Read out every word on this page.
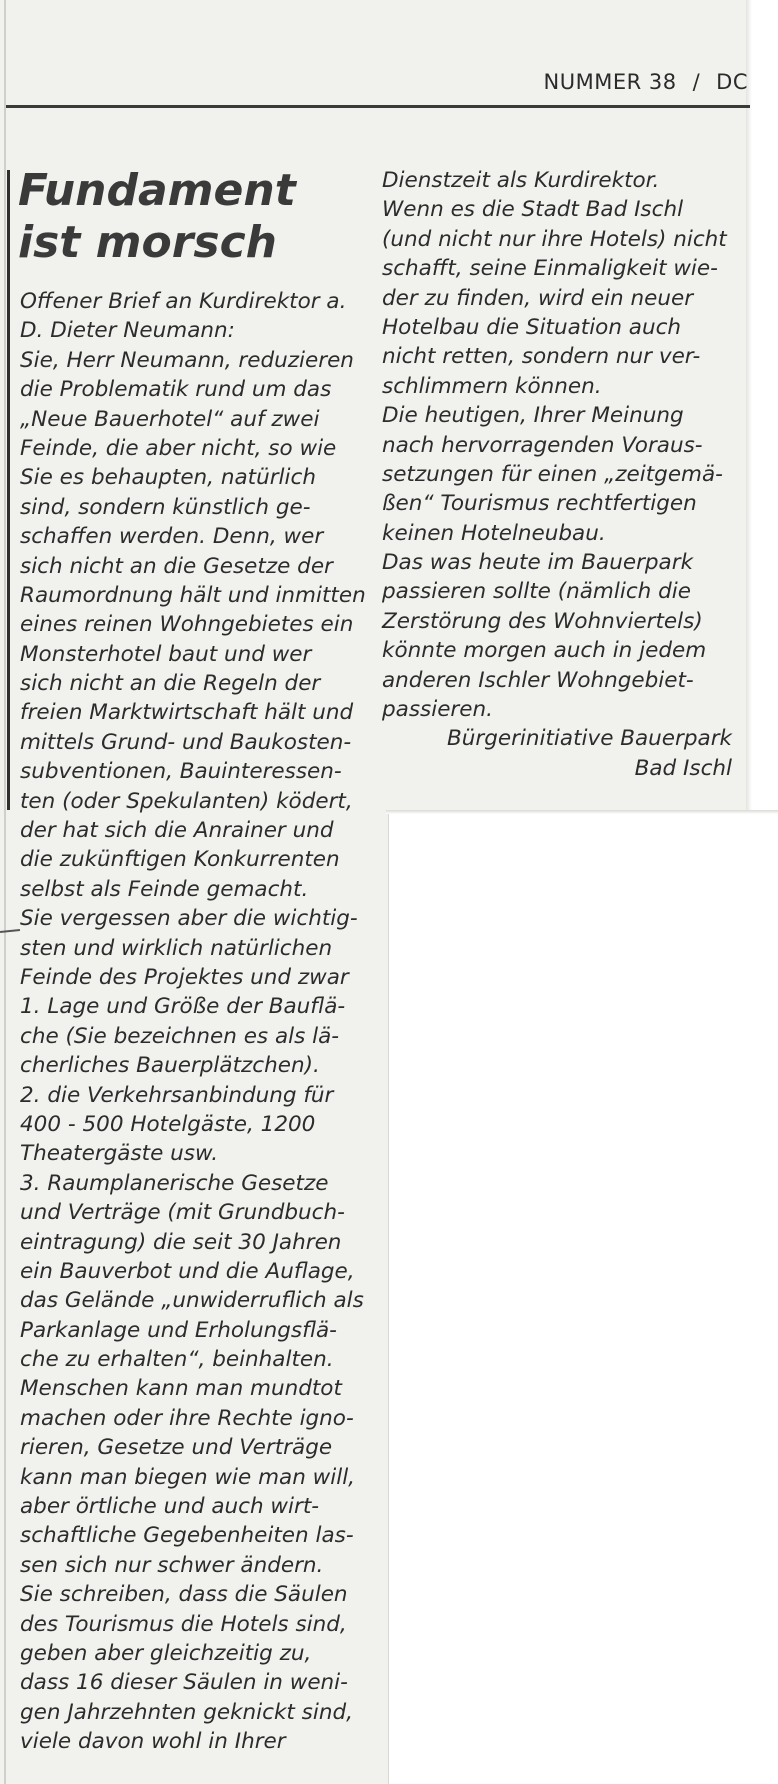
NUMMER 38 / DC
Fundament
ist morsch
Offener Brief an Kurdirektor a.
D. Dieter Neumann:
Sie, Herr Neumann, reduzieren
die Problematik rund um das
„Neue Bauerhotel“ auf zwei
Feinde, die aber nicht, so wie
Sie es behaupten, natürlich
sind, sondern künstlich ge-
schaffen werden. Denn, wer
sich nicht an die Gesetze der
Raumordnung hält und inmitten
eines reinen Wohngebietes ein
Monsterhotel baut und wer
sich nicht an die Regeln der
freien Marktwirtschaft hält und
mittels Grund- und Baukosten-
subventionen, Bauinteressen-
ten (oder Spekulanten) ködert,
der hat sich die Anrainer und
die zukünftigen Konkurrenten
selbst als Feinde gemacht.
Sie vergessen aber die wichtig-
sten und wirklich natürlichen
Feinde des Projektes und zwar
1. Lage und Größe der Bauflä-
che (Sie bezeichnen es als lä-
cherliches Bauerplätzchen).
2. die Verkehrsanbindung für
400 - 500 Hotelgäste, 1200
Theatergäste usw.
3. Raumplanerische Gesetze
und Verträge (mit Grundbuch-
eintragung) die seit 30 Jahren
ein Bauverbot und die Auflage,
das Gelände „unwiderruflich als
Parkanlage und Erholungsflä-
che zu erhalten“, beinhalten.
Menschen kann man mundtot
machen oder ihre Rechte igno-
rieren, Gesetze und Verträge
kann man biegen wie man will,
aber örtliche und auch wirt-
schaftliche Gegebenheiten las-
sen sich nur schwer ändern.
Sie schreiben, dass die Säulen
des Tourismus die Hotels sind,
geben aber gleichzeitig zu,
dass 16 dieser Säulen in weni-
gen Jahrzehnten geknickt sind,
viele davon wohl in Ihrer
Dienstzeit als Kurdirektor.
Wenn es die Stadt Bad Ischl
(und nicht nur ihre Hotels) nicht
schafft, seine Einmaligkeit wie-
der zu finden, wird ein neuer
Hotelbau die Situation auch
nicht retten, sondern nur ver-
schlimmern können.
Die heutigen, Ihrer Meinung
nach hervorragenden Voraus-
setzungen für einen „zeitgemä-
ßen“ Tourismus rechtfertigen
keinen Hotelneubau.
Das was heute im Bauerpark
passieren sollte (nämlich die
Zerstörung des Wohnviertels)
könnte morgen auch in jedem
anderen Ischler Wohngebiet-
passieren.
Bürgerinitiative Bauerpark
Bad Ischl
